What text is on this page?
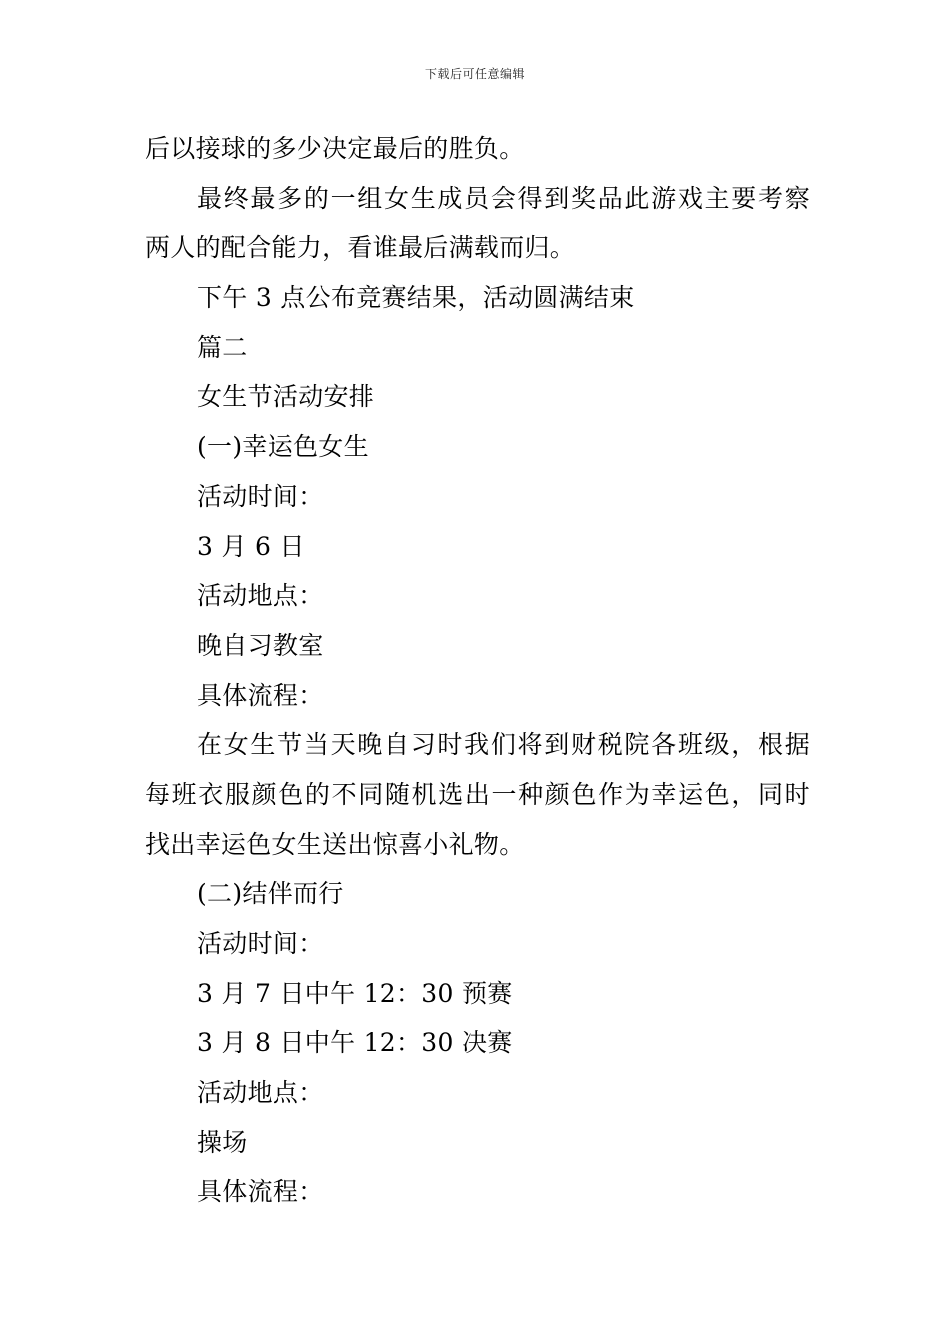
下载后可任意编辑

后以接球的多少决定最后的胜负。

最终最多的一组女生成员会得到奖品此游戏主要考察

两人的配合能力，看谁最后满载而归。

下午 3 点公布竞赛结果，活动圆满结束

篇二

女生节活动安排

(一)幸运色女生

活动时间：

3 月 6 日

活动地点：

晚自习教室

具体流程：

在女生节当天晚自习时我们将到财税院各班级，根据

每班衣服颜色的不同随机选出一种颜色作为幸运色，同时

找出幸运色女生送出惊喜小礼物。

(二)结伴而行

活动时间：

3 月 7 日中午 12：30 预赛

3 月 8 日中午 12：30 决赛

活动地点：

操场

具体流程：
